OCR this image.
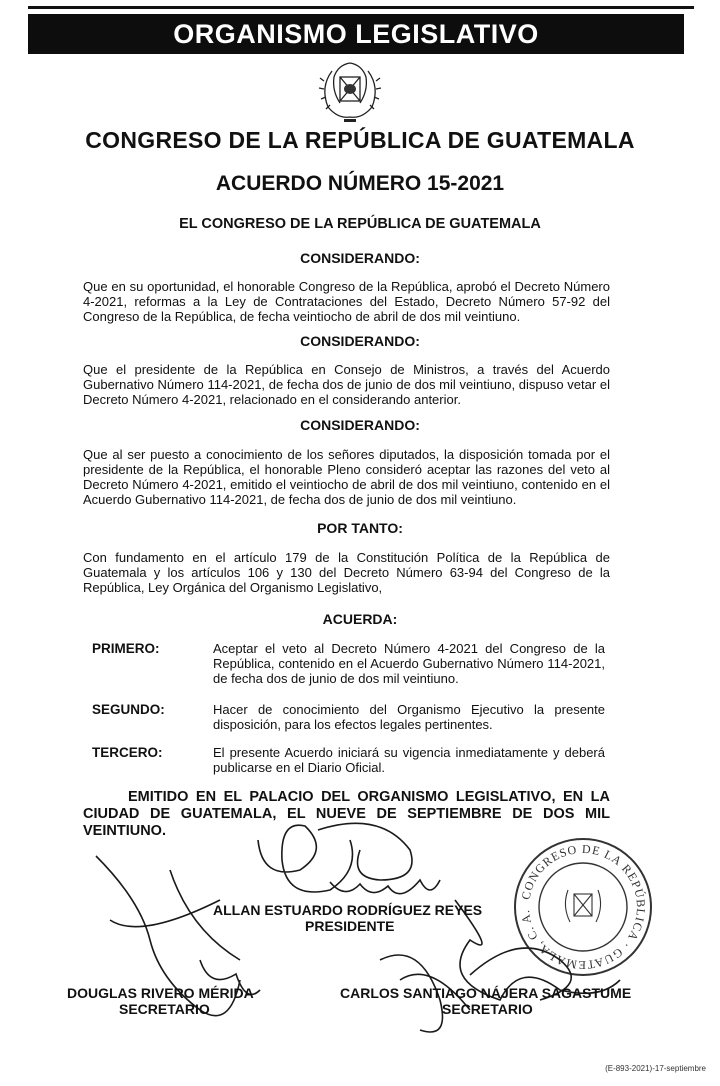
ORGANISMO LEGISLATIVO
CONGRESO DE LA REPÚBLICA DE GUATEMALA
ACUERDO NÚMERO 15-2021
EL CONGRESO DE LA REPÚBLICA DE GUATEMALA
CONSIDERANDO:
Que en su oportunidad, el honorable Congreso de la República, aprobó el Decreto Número 4-2021, reformas a la Ley de Contrataciones del Estado, Decreto Número 57-92 del Congreso de la República, de fecha veintiocho de abril de dos mil veintiuno.
CONSIDERANDO:
Que el presidente de la República en Consejo de Ministros, a través del Acuerdo Gubernativo Número 114-2021, de fecha dos de junio de dos mil veintiuno, dispuso vetar el Decreto Número 4-2021, relacionado en el considerando anterior.
CONSIDERANDO:
Que al ser puesto a conocimiento de los señores diputados, la disposición tomada por el presidente de la República, el honorable Pleno consideró aceptar las razones del veto al Decreto Número 4-2021, emitido el veintiocho de abril de dos mil veintiuno, contenido en el Acuerdo Gubernativo 114-2021, de fecha dos de junio de dos mil veintiuno.
POR TANTO:
Con fundamento en el artículo 179 de la Constitución Política de la República de Guatemala y los artículos 106 y 130 del Decreto Número 63-94 del Congreso de la República, Ley Orgánica del Organismo Legislativo,
ACUERDA:
PRIMERO:	Aceptar el veto al Decreto Número 4-2021 del Congreso de la República, contenido en el Acuerdo Gubernativo Número 114-2021, de fecha dos de junio de dos mil veintiuno.
SEGUNDO:	Hacer de conocimiento del Organismo Ejecutivo la presente disposición, para los efectos legales pertinentes.
TERCERO:	El presente Acuerdo iniciará su vigencia inmediatamente y deberá publicarse en el Diario Oficial.
EMITIDO EN EL PALACIO DEL ORGANISMO LEGISLATIVO, EN LA CIUDAD DE GUATEMALA, EL NUEVE DE SEPTIEMBRE DE DOS MIL VEINTIUNO.
CONGRESO DE LA REPÚBLICA · GUATEMALA, C. A.
ALLAN ESTUARDO RODRÍGUEZ REYES
PRESIDENTE
DOUGLAS RIVERO MÉRIDA
SECRETARIO
CARLOS SANTIAGO NÁJERA SAGASTUME
SECRETARIO
(E-893-2021)-17-septiembre
